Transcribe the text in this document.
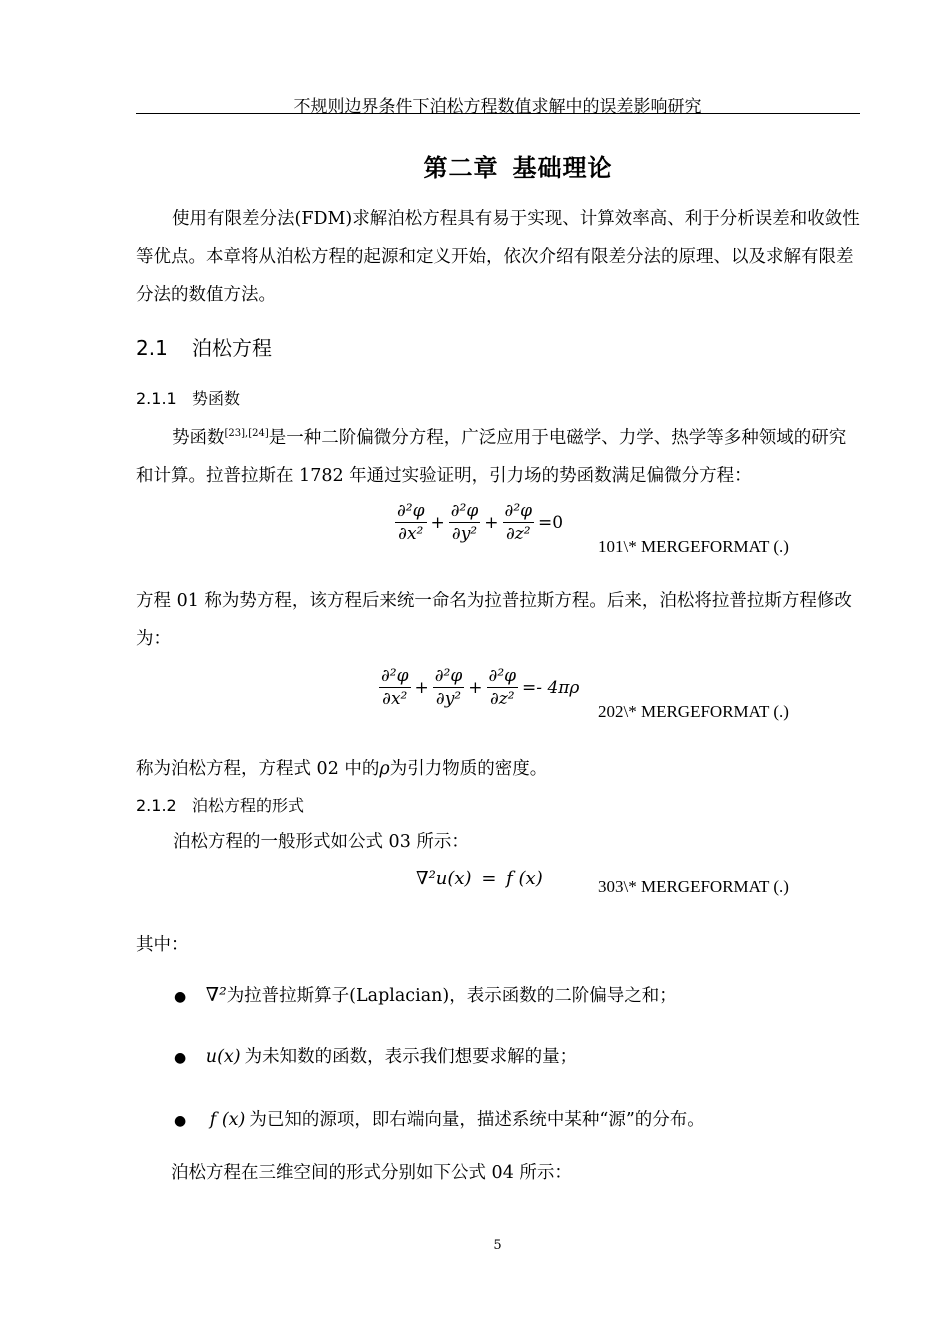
不规则边界条件下泊松方程数值求解中的误差影响研究
第二章 基础理论
使用有限差分法(FDM)求解泊松方程具有易于实现、计算效率高、利于分析误差和收敛性等优点。本章将从泊松方程的起源和定义开始，依次介绍有限差分法的原理、以及求解有限差分法的数值方法。
2.1 泊松方程
2.1.1 势函数
势函数[23],[24]是一种二阶偏微分方程，广泛应用于电磁学、力学、热学等多种领域的研究和计算。拉普拉斯在 1782 年通过实验证明，引力场的势函数满足偏微分方程：
$\frac{\text{∂²φ}}{\text{∂x²}} + \frac{\text{∂²φ}}{\text{∂y²}} + \frac{\text{∂²φ}}{\text{∂z²}} =0$
101\* MERGEFORMAT (.)
方程 01 称为势方程，该方程后来统一命名为拉普拉斯方程。后来，泊松将拉普拉斯方程修改为：
$\frac{\text{∂²φ}}{\text{∂x²}} + \frac{\text{∂²φ}}{\text{∂y²}} + \frac{\text{∂²φ}}{\text{∂z²}} =- 4\pi\rho$
202\* MERGEFORMAT (.)
称为泊松方程，方程式 02 中的ρ为引力物质的密度。
2.1.2 泊松方程的形式
泊松方程的一般形式如公式 03 所示：
∇²u(x) = f (x)	303\* MERGEFORMAT (.)
其中：
● ∇²为拉普拉斯算子(Laplacian)，表示函数的二阶偏导之和；
● u(x) 为未知数的函数，表示我们想要求解的量；
● f (x) 为已知的源项，即右端向量，描述系统中某种“源”的分布。
泊松方程在三维空间的形式分别如下公式 04 所示：
5
